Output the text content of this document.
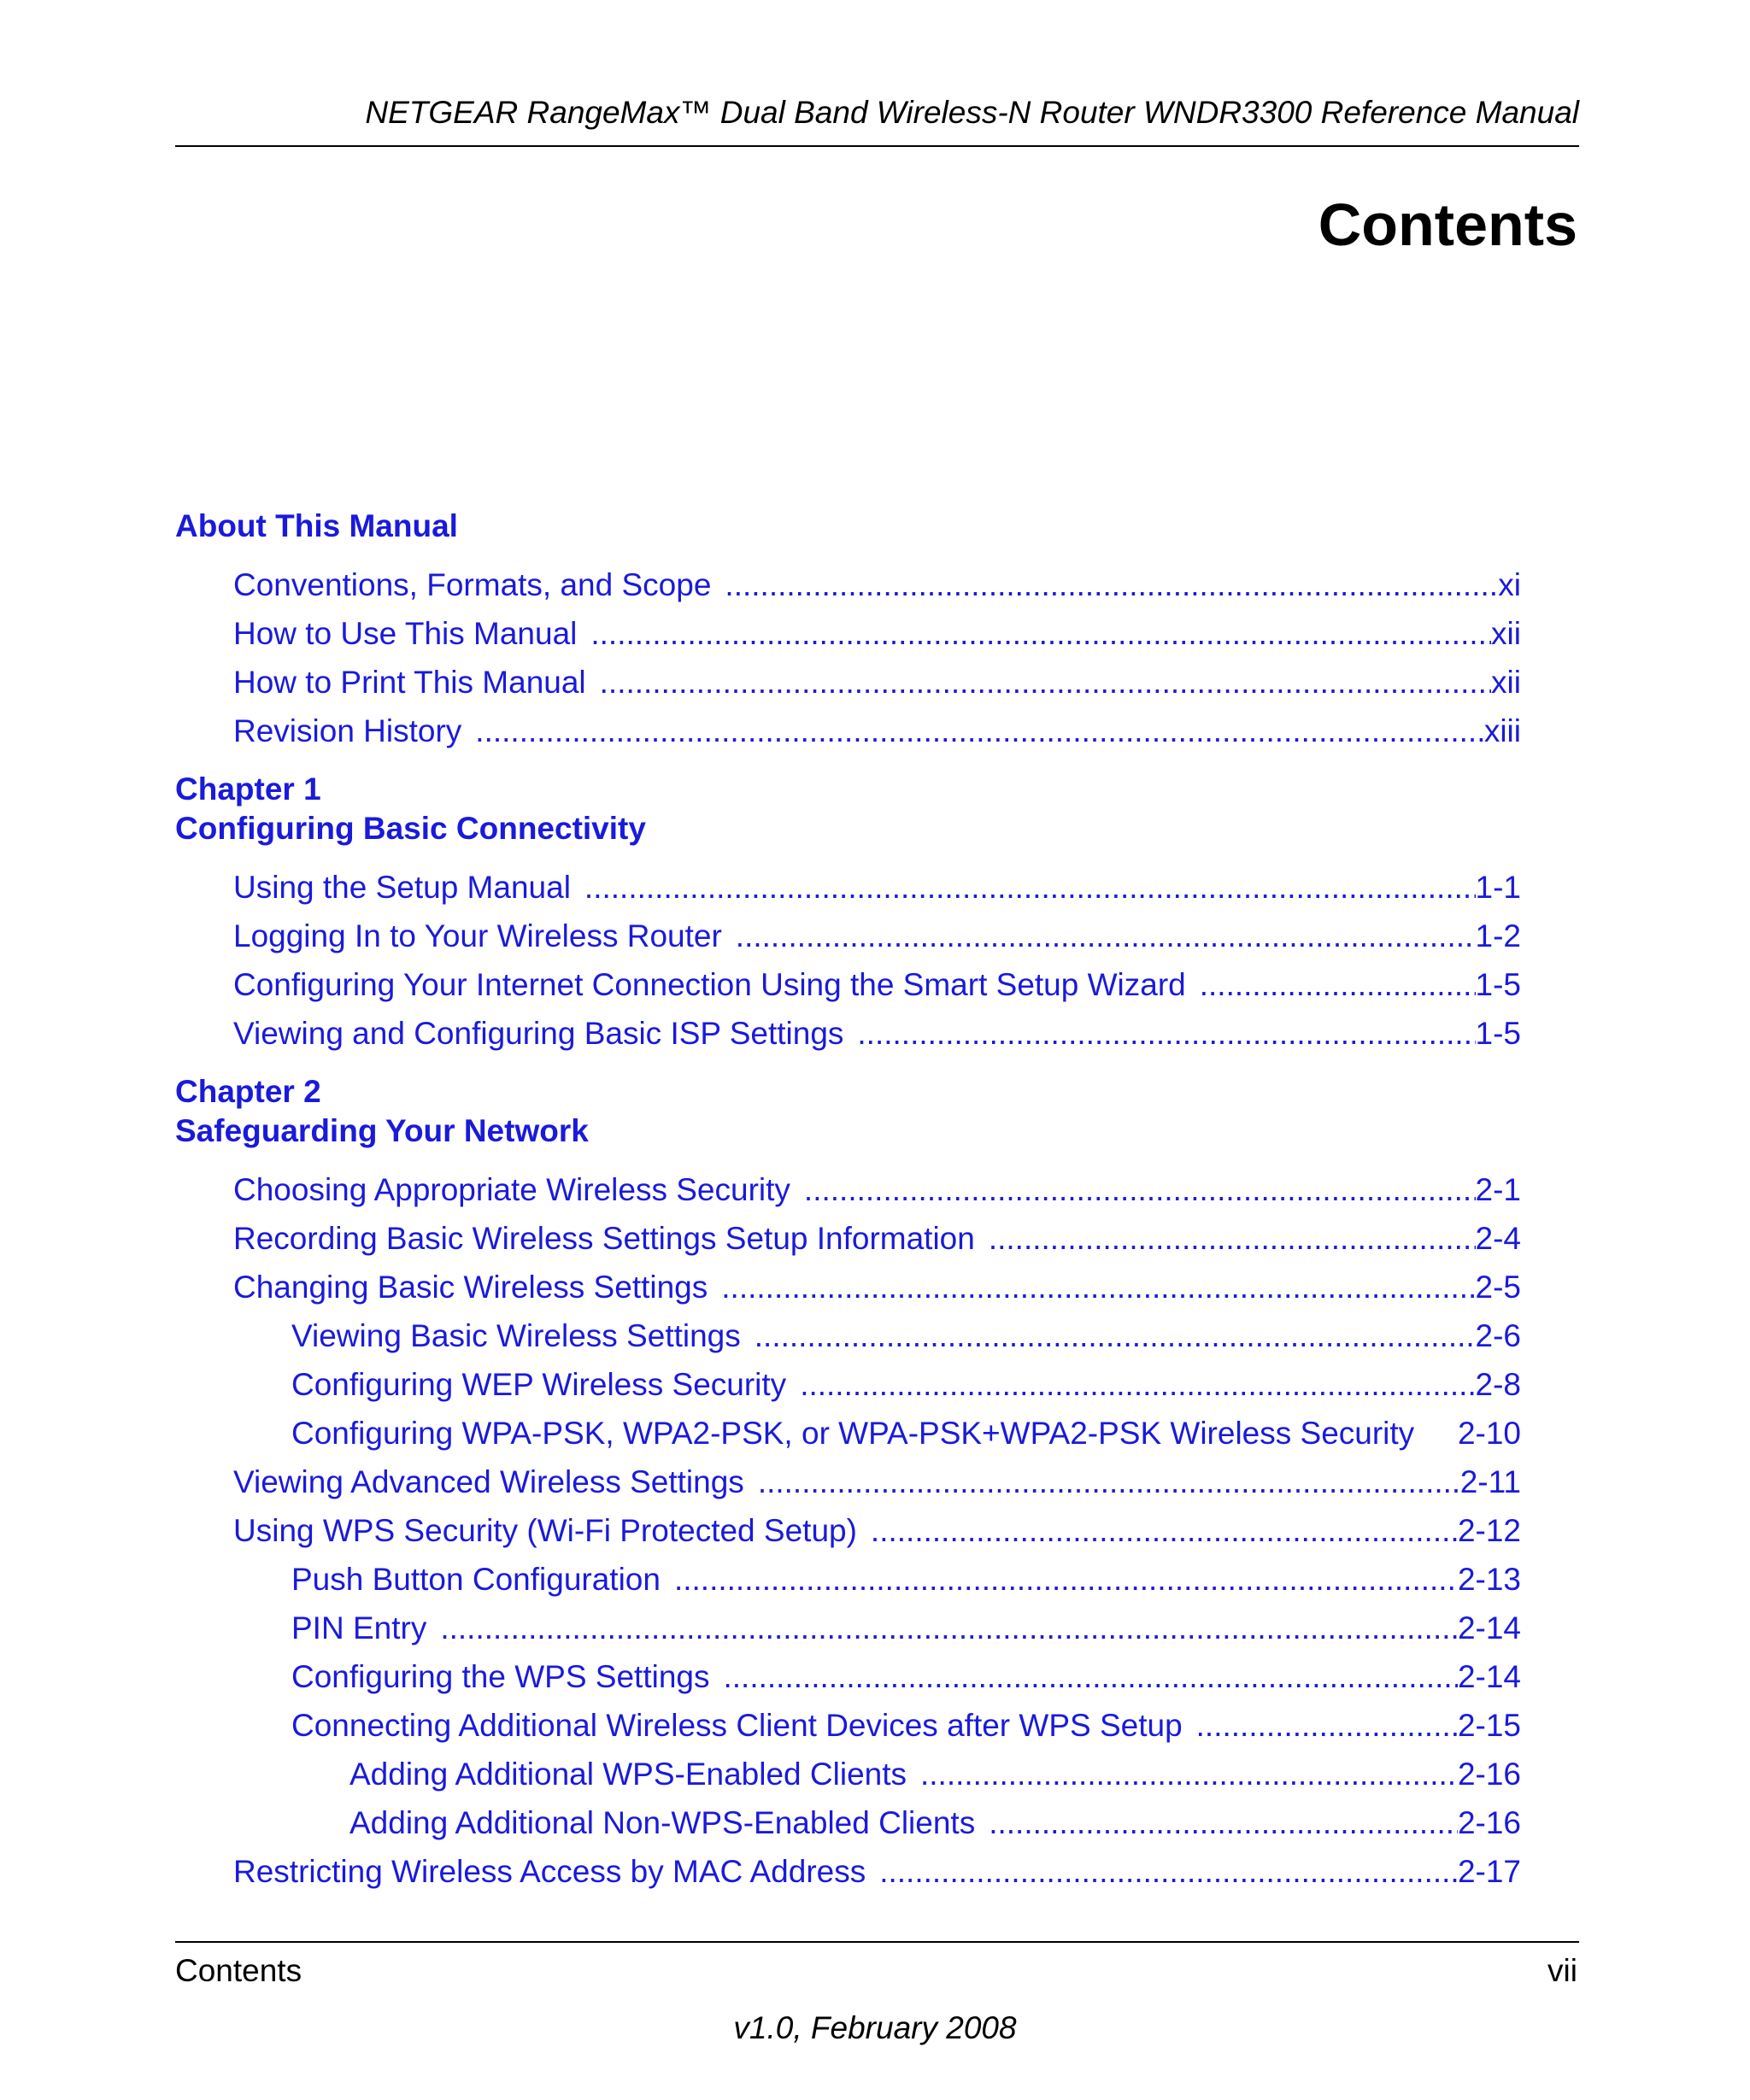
NETGEAR RangeMax™ Dual Band Wireless-N Router WNDR3300 Reference Manual
Contents
About This Manual
Conventions, Formats, and Scope .....	xi
How to Use This Manual .....	xii
How to Print This Manual .....	xii
Revision History .....	xiii
Chapter 1
Configuring Basic Connectivity
Using the Setup Manual .....	1-1
Logging In to Your Wireless Router .....	1-2
Configuring Your Internet Connection Using the Smart Setup Wizard .....	1-5
Viewing and Configuring Basic ISP Settings .....	1-5
Chapter 2
Safeguarding Your Network
Choosing Appropriate Wireless Security .....	2-1
Recording Basic Wireless Settings Setup Information .....	2-4
Changing Basic Wireless Settings .....	2-5
Viewing Basic Wireless Settings .....	2-6
Configuring WEP Wireless Security .....	2-8
Configuring WPA-PSK, WPA2-PSK, or WPA-PSK+WPA2-PSK Wireless Security 2-10
Viewing Advanced Wireless Settings .....	2-11
Using WPS Security (Wi-Fi Protected Setup) .....	2-12
Push Button Configuration .....	2-13
PIN Entry .....	2-14
Configuring the WPS Settings .....	2-14
Connecting Additional Wireless Client Devices after WPS Setup .....	2-15
Adding Additional WPS-Enabled Clients .....	2-16
Adding Additional Non-WPS-Enabled Clients .....	2-16
Restricting Wireless Access by MAC Address .....	2-17
Contents	vii
v1.0, February 2008
